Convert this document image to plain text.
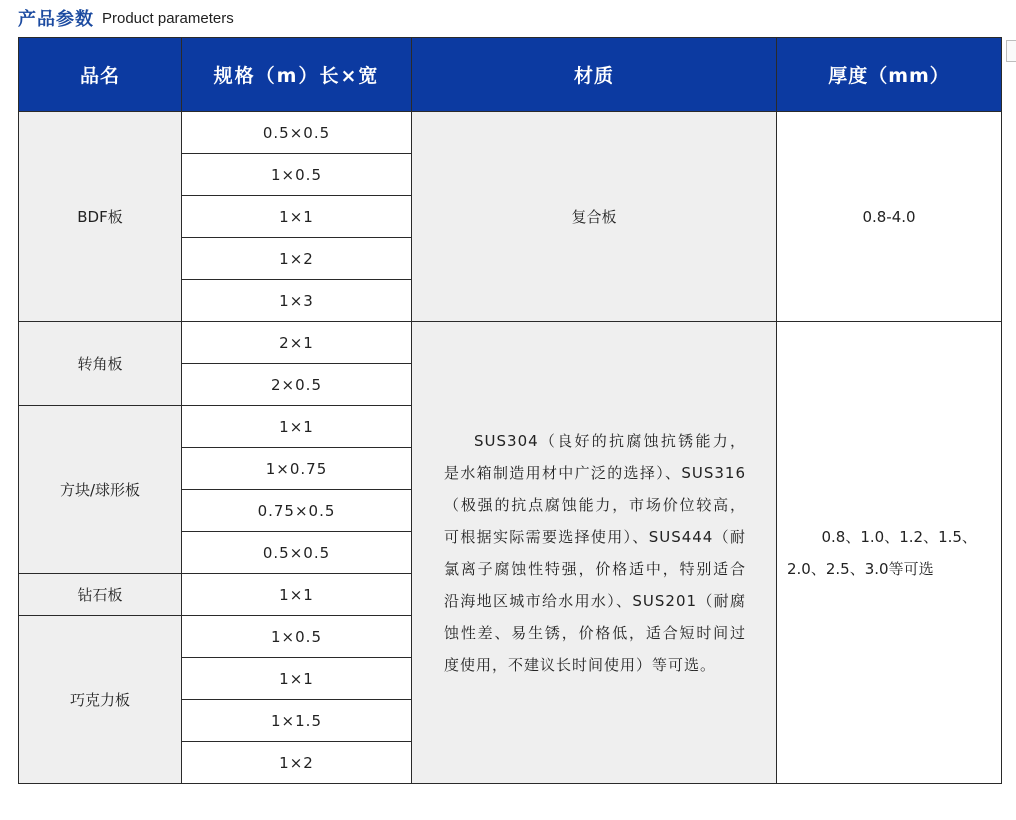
产品参数 Product parameters
品名	规格（m）长×宽	材质	厚度（mm）
BDF板	0.5×0.5	复合板	0.8-4.0
	1×0.5		
	1×1		
	1×2		
	1×3		
转角板	2×1	SUS304（良好的抗腐蚀抗锈能力，是水箱制造用材中广泛的选择）、SUS316（极强的抗点腐蚀能力，市场价位较高，可根据实际需要选择使用）、SUS444（耐氯离子腐蚀性特强，价格适中，特别适合沿海地区城市给水用水）、SUS201（耐腐蚀性差、易生锈，价格低，适合短时间过度使用，不建议长时间使用）等可选。	0.8、1.0、1.2、1.5、2.0、2.5、3.0等可选

	2×0.5		
方块/球形板	1×1		
	1×0.75		
	0.75×0.5		
	0.5×0.5		
钻石板	1×1		
巧克力板	1×0.5		
	1×1		
	1×1.5		
	1×2		
